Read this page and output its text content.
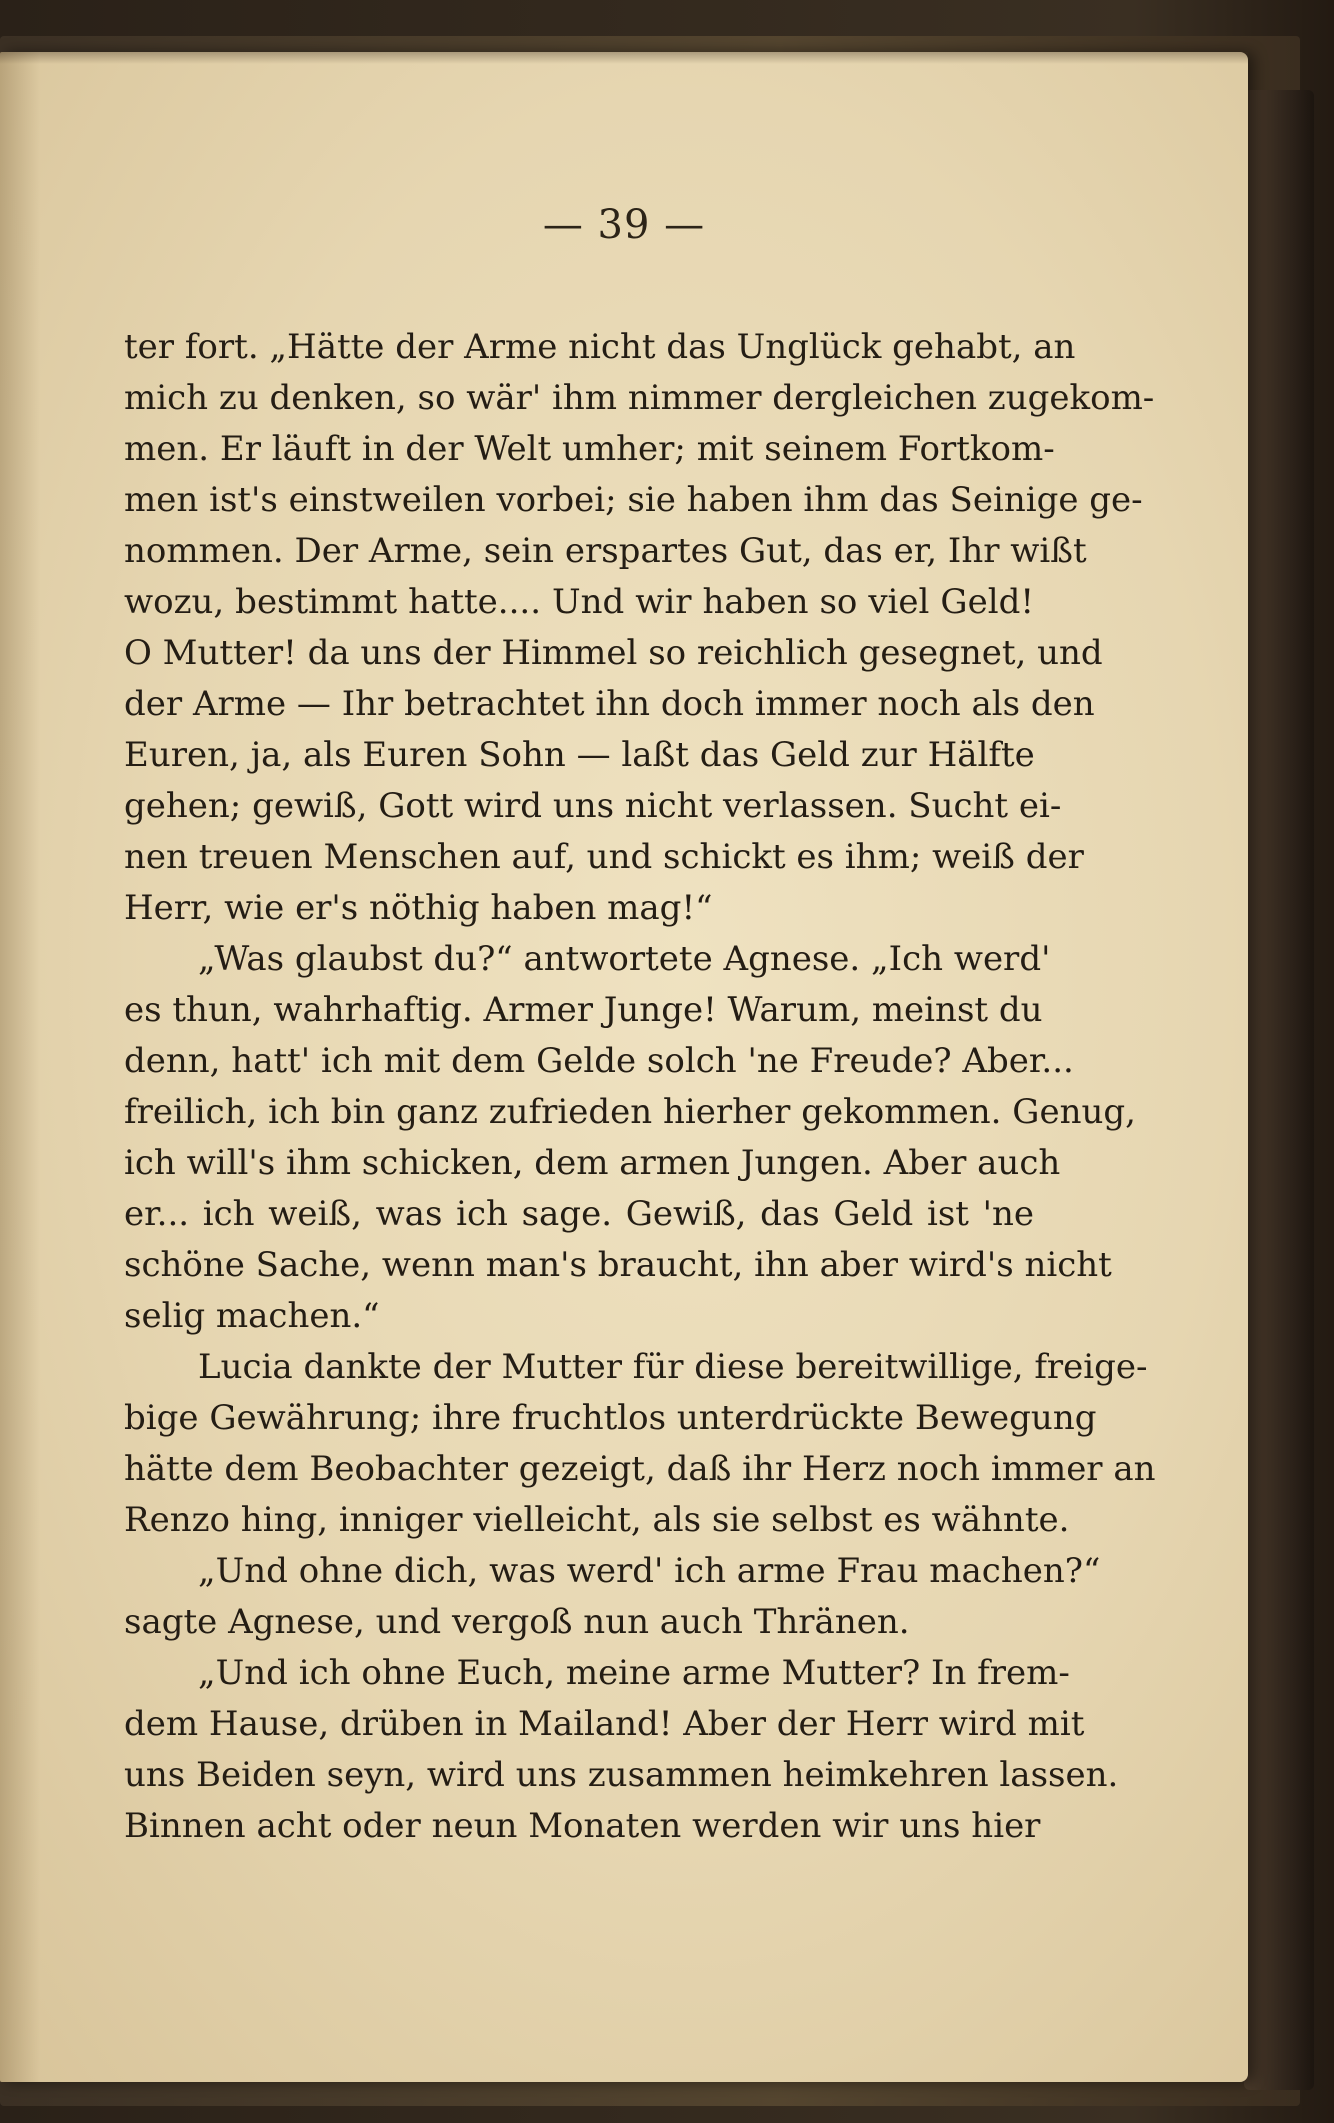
— 39 —
ter fort. „Hätte der Arme nicht das Unglück gehabt, an
mich zu denken, so wär' ihm nimmer dergleichen zugekom-
men. Er läuft in der Welt umher; mit seinem Fortkom-
men ist's einstweilen vorbei; sie haben ihm das Seinige ge-
nommen. Der Arme, sein erspartes Gut, das er, Ihr wißt
wozu, bestimmt hatte.... Und wir haben so viel Geld!
O Mutter! da uns der Himmel so reichlich gesegnet, und
der Arme — Ihr betrachtet ihn doch immer noch als den
Euren, ja, als Euren Sohn — laßt das Geld zur Hälfte
gehen; gewiß, Gott wird uns nicht verlassen. Sucht ei-
nen treuen Menschen auf, und schickt es ihm; weiß der
Herr, wie er's nöthig haben mag!“
„Was glaubst du?“ antwortete Agnese. „Ich werd'
es thun, wahrhaftig. Armer Junge! Warum, meinst du
denn, hatt' ich mit dem Gelde solch 'ne Freude? Aber...
freilich, ich bin ganz zufrieden hierher gekommen. Genug,
ich will's ihm schicken, dem armen Jungen. Aber auch
er... ich weiß, was ich sage. Gewiß, das Geld ist 'ne
schöne Sache, wenn man's braucht, ihn aber wird's nicht
selig machen.“
Lucia dankte der Mutter für diese bereitwillige, freige-
bige Gewährung; ihre fruchtlos unterdrückte Bewegung
hätte dem Beobachter gezeigt, daß ihr Herz noch immer an
Renzo hing, inniger vielleicht, als sie selbst es wähnte.
„Und ohne dich, was werd' ich arme Frau machen?“
sagte Agnese, und vergoß nun auch Thränen.
„Und ich ohne Euch, meine arme Mutter? In frem-
dem Hause, drüben in Mailand! Aber der Herr wird mit
uns Beiden seyn, wird uns zusammen heimkehren lassen.
Binnen acht oder neun Monaten werden wir uns hier
